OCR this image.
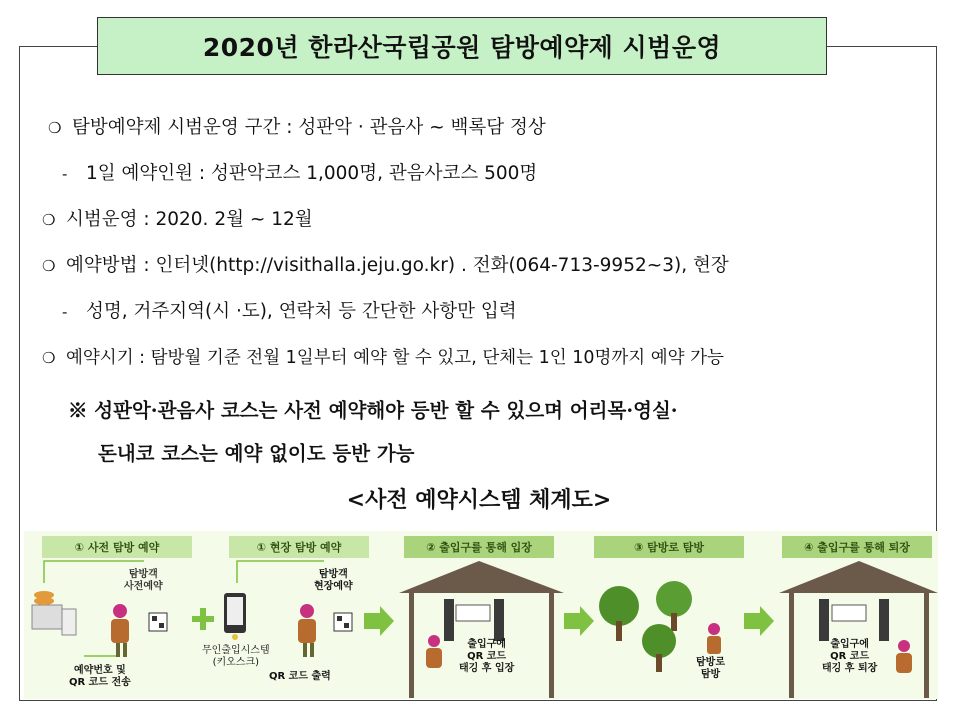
2020년 한라산국립공원 탐방예약제 시범운영
❍ 탐방예약제 시범운영 구간 : 성판악 · 관음사 ~ 백록담 정상
- 1일 예약인원 : 성판악코스 1,000명, 관음사코스 500명
❍ 시범운영 : 2020. 2월 ~ 12월
❍ 예약방법 : 인터넷(http://visithalla.jeju.go.kr) . 전화(064-713-9952~3), 현장
- 성명, 거주지역(시 ·도), 연락처 등 간단한 사항만 입력
❍ 예약시기 : 탐방월 기준 전월 1일부터 예약 할 수 있고, 단체는 1인 10명까지 예약 가능
※ 성판악·관음사 코스는 사전 예약해야 등반 할 수 있으며 어리목·영실·
돈내코 코스는 예약 없이도 등반 가능
<사전 예약시스템 체계도>
① 사전 탐방 예약	① 현장 탐방 예약	② 출입구를 통해 입장	③ 탐방로 탐방	④ 출입구를 통해 퇴장
탐방객
사전예약
예약번호 및
QR 코드 전송
탐방객
현장예약
무인출입시스템
(키오스크)
QR 코드 출력
출입구에
QR 코드
태깅 후 입장
탐방로
탐방
출입구에
QR 코드
태깅 후 퇴장
